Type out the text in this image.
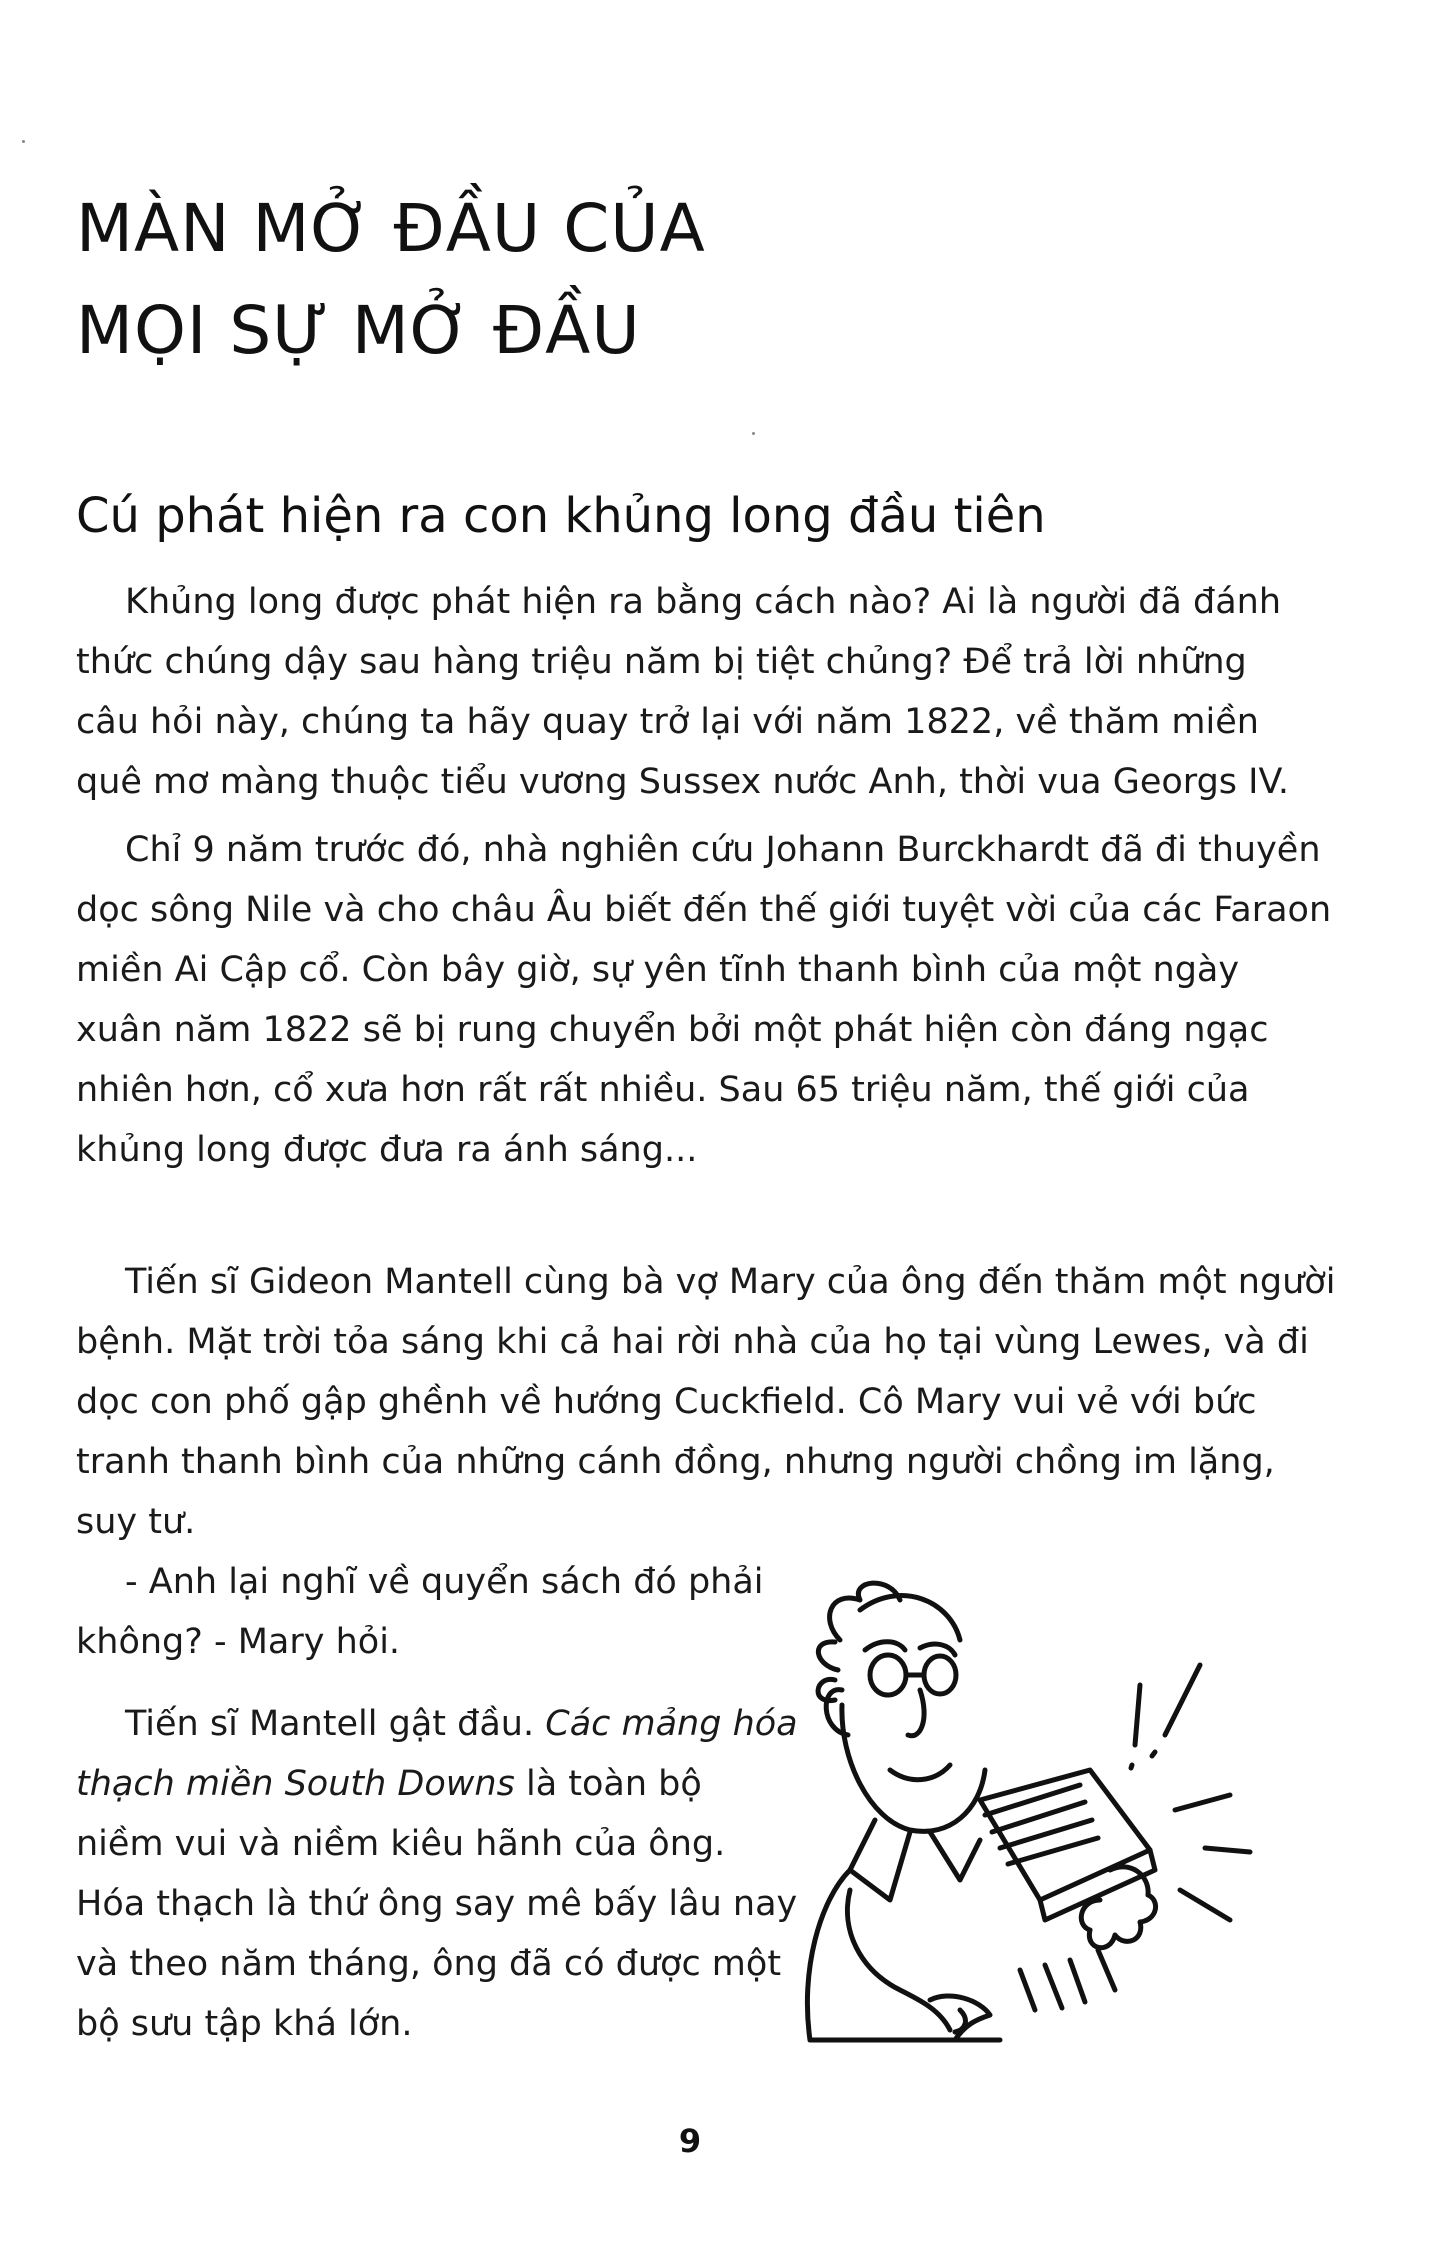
MÀN MỞ ĐẦU CỦA
MỌI SỰ MỞ ĐẦU
Cú phát hiện ra con khủng long đầu tiên

Khủng long được phát hiện ra bằng cách nào? Ai là người đã đánh
thức chúng dậy sau hàng triệu năm bị tiệt chủng? Để trả lời những
câu hỏi này, chúng ta hãy quay trở lại với năm 1822, về thăm miền
quê mơ màng thuộc tiểu vương Sussex nước Anh, thời vua Georgs IV.

Chỉ 9 năm trước đó, nhà nghiên cứu Johann Burckhardt đã đi thuyền
dọc sông Nile và cho châu Âu biết đến thế giới tuyệt vời của các Faraon
miền Ai Cập cổ. Còn bây giờ, sự yên tĩnh thanh bình của một ngày
xuân năm 1822 sẽ bị rung chuyển bởi một phát hiện còn đáng ngạc
nhiên hơn, cổ xưa hơn rất rất nhiều. Sau 65 triệu năm, thế giới của
khủng long được đưa ra ánh sáng...

Tiến sĩ Gideon Mantell cùng bà vợ Mary của ông đến thăm một người
bệnh. Mặt trời tỏa sáng khi cả hai rời nhà của họ tại vùng Lewes, và đi
dọc con phố gập ghềnh về hướng Cuckfield. Cô Mary vui vẻ với bức
tranh thanh bình của những cánh đồng, nhưng người chồng im lặng,
suy tư.

- Anh lại nghĩ về quyển sách đó phải
không? - Mary hỏi.

Tiến sĩ Mantell gật đầu. Các mảng hóa
thạch miền South Downs là toàn bộ
niềm vui và niềm kiêu hãnh của ông.
Hóa thạch là thứ ông say mê bấy lâu nay
và theo năm tháng, ông đã có được một
bộ sưu tập khá lớn.

9
